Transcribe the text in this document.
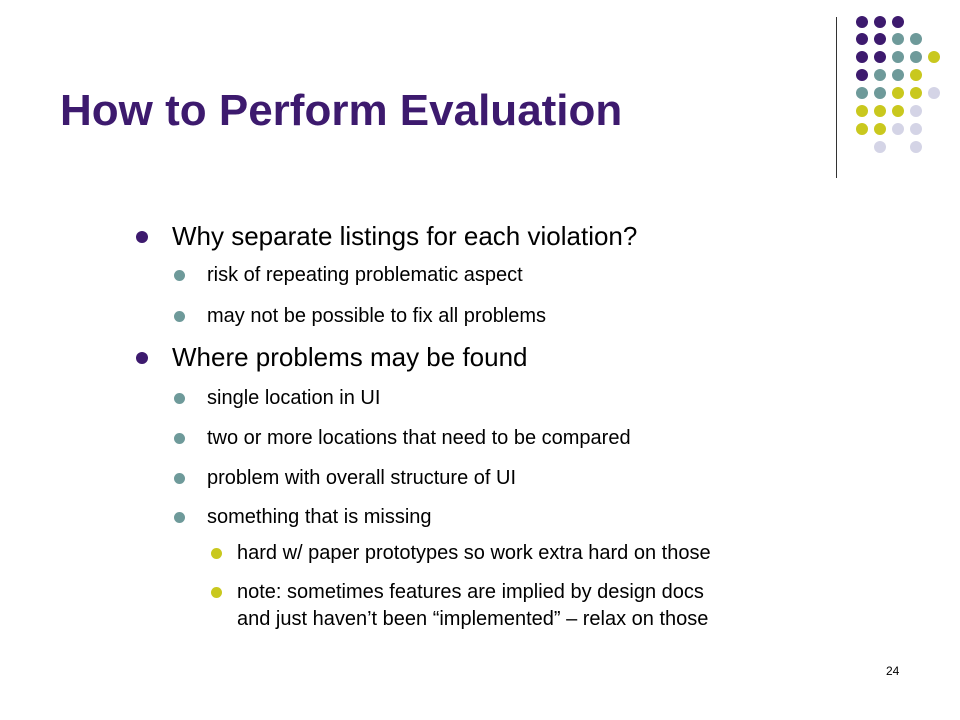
How to Perform Evaluation
Why separate listings for each violation?
risk of repeating problematic aspect
may not be possible to fix all problems
Where problems may be found
single location in UI
two or more locations that need to be compared
problem with overall structure of UI
something that is missing
hard w/ paper prototypes so work extra hard on those
note: sometimes features are implied by design docs
and just haven’t been “implemented” – relax on those
24
